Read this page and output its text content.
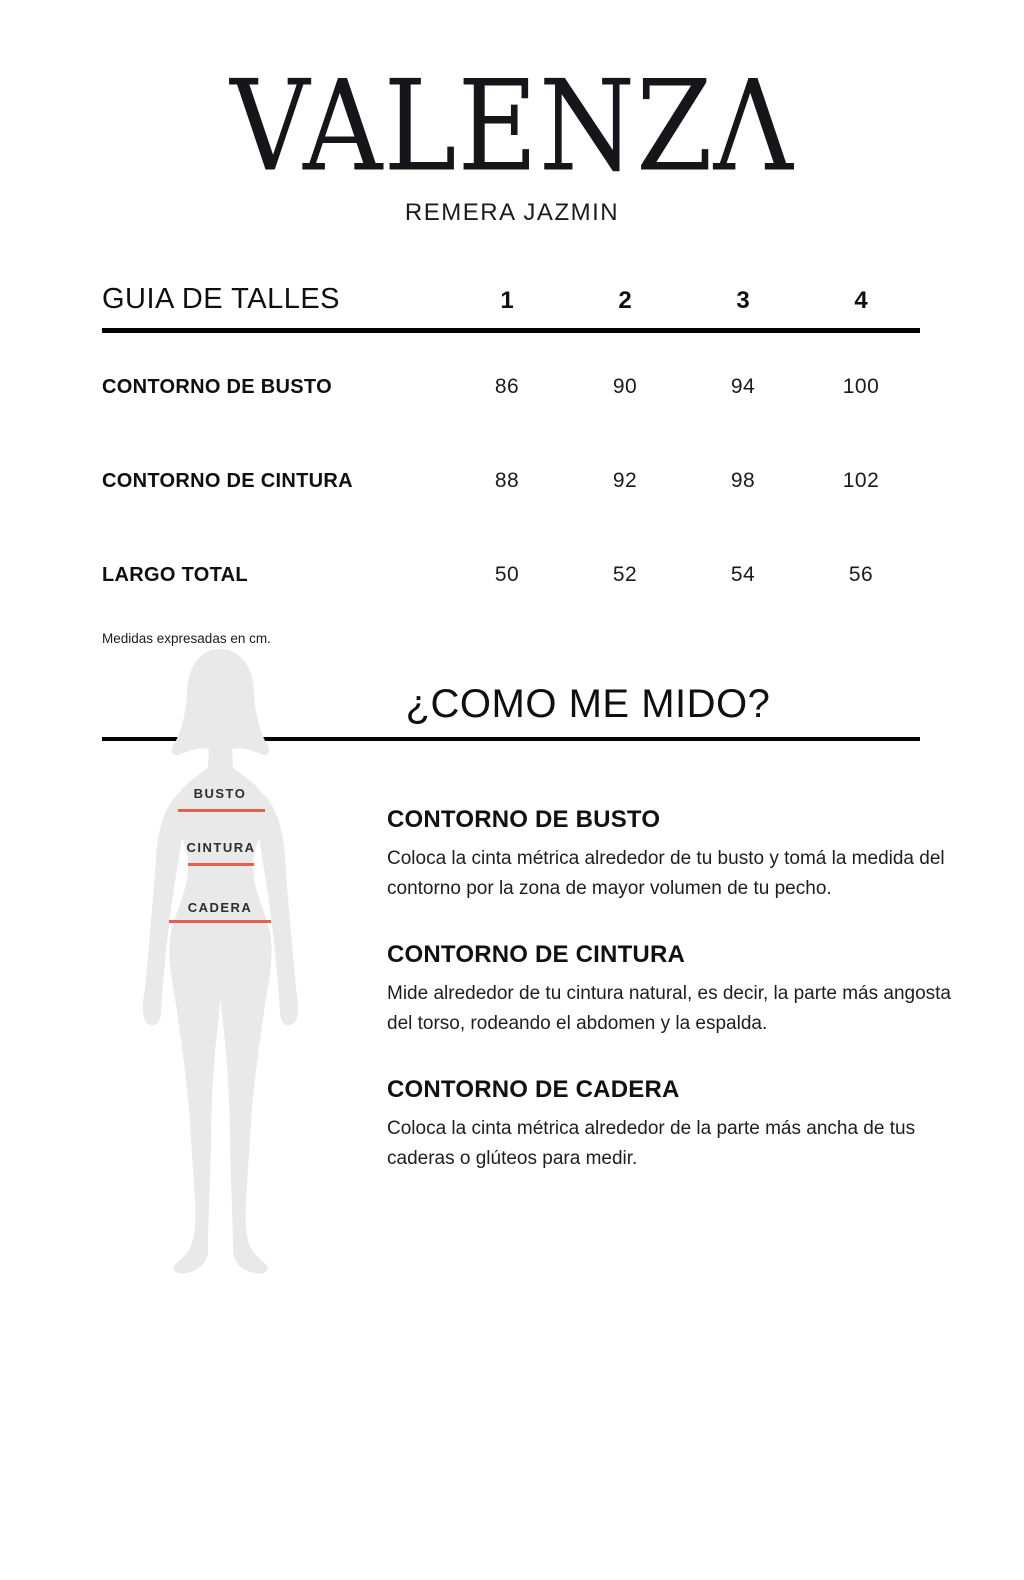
VALENZΛ
REMERA JAZMIN
GUIA DE TALLES	1	2	3	4
CONTORNO DE BUSTO	86	90	94	100
CONTORNO DE CINTURA	88	92	98	102
LARGO TOTAL	50	52	54	56
Medidas expresadas en cm.
¿COMO ME MIDO?
BUSTO
CINTURA
CADERA
CONTORNO DE BUSTO

Coloca la cinta métrica alrededor de tu busto y tomá la medida del contorno por la zona de mayor volumen de tu pecho.

CONTORNO DE CINTURA

Mide alrededor de tu cintura natural, es decir, la parte más angosta del torso, rodeando el abdomen y la espalda.

CONTORNO DE CADERA

Coloca la cinta métrica alrededor de la parte más ancha de tus caderas o glúteos para medir.
